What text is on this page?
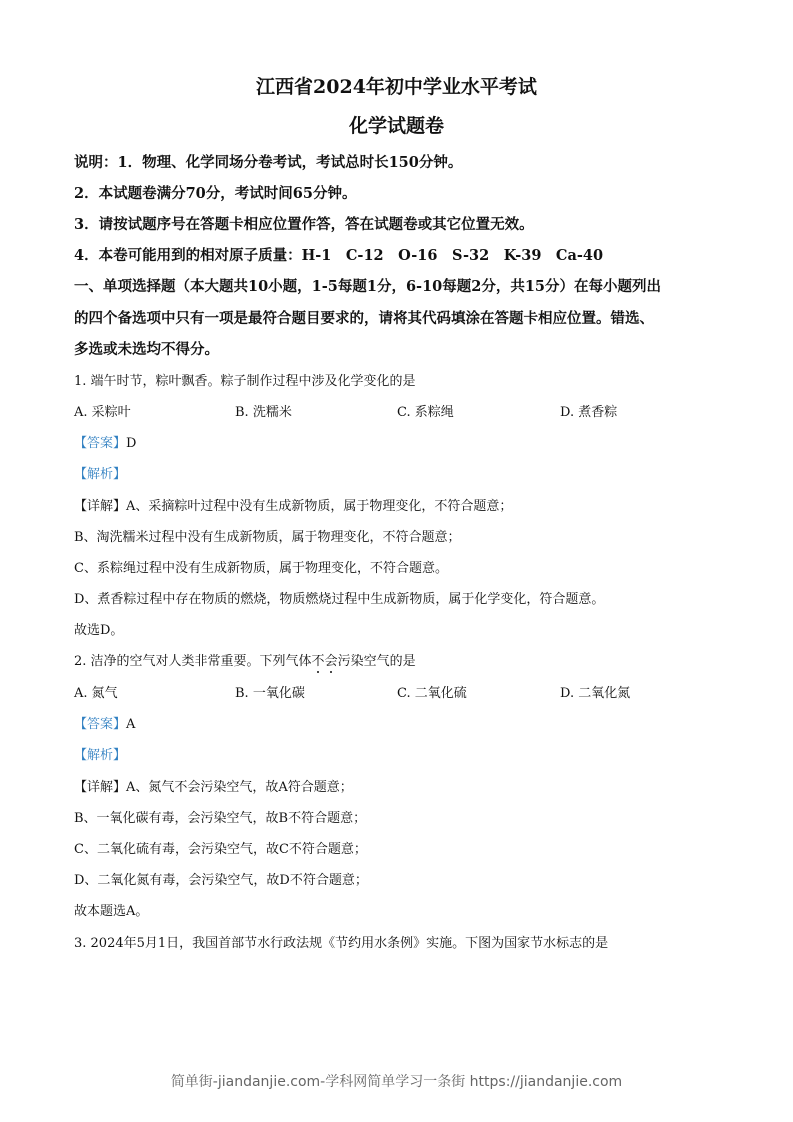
江西省2024年初中学业水平考试
化学试题卷
说明：1．物理、化学同场分卷考试，考试总时长150分钟。
2．本试题卷满分70分，考试时间65分钟。
3．请按试题序号在答题卡相应位置作答，答在试题卷或其它位置无效。
4．本卷可能用到的相对原子质量：H-1　C-12　O-16　S-32　K-39　Ca-40
一、单项选择题（本大题共10小题，1-5每题1分，6-10每题2分，共15分）在每小题列出
的四个备选项中只有一项是最符合题目要求的，请将其代码填涂在答题卡相应位置。错选、
多选或未选均不得分。
1. 端午时节，粽叶飘香。粽子制作过程中涉及化学变化的是
A. 采粽叶	B. 洗糯米	C. 系粽绳	D. 煮香粽
【答案】D
【解析】
【详解】A、采摘粽叶过程中没有生成新物质，属于物理变化，不符合题意；
B、淘洗糯米过程中没有生成新物质，属于物理变化，不符合题意；
C、系粽绳过程中没有生成新物质，属于物理变化，不符合题意。
D、煮香粽过程中存在物质的燃烧，物质燃烧过程中生成新物质，属于化学变化，符合题意。
故选D。
2. 洁净的空气对人类非常重要。下列气体不会污染空气的是
A. 氮气	B. 一氧化碳	C. 二氧化硫	D. 二氧化氮
【答案】A
【解析】
【详解】A、氮气不会污染空气，故A符合题意；
B、一氧化碳有毒，会污染空气，故B不符合题意；
C、二氧化硫有毒，会污染空气，故C不符合题意；
D、二氧化氮有毒，会污染空气，故D不符合题意；
故本题选A。
3. 2024年5月1日，我国首部节水行政法规《节约用水条例》实施。下图为国家节水标志的是
简单街-jiandanjie.com-学科网简单学习一条街 https://jiandanjie.com
